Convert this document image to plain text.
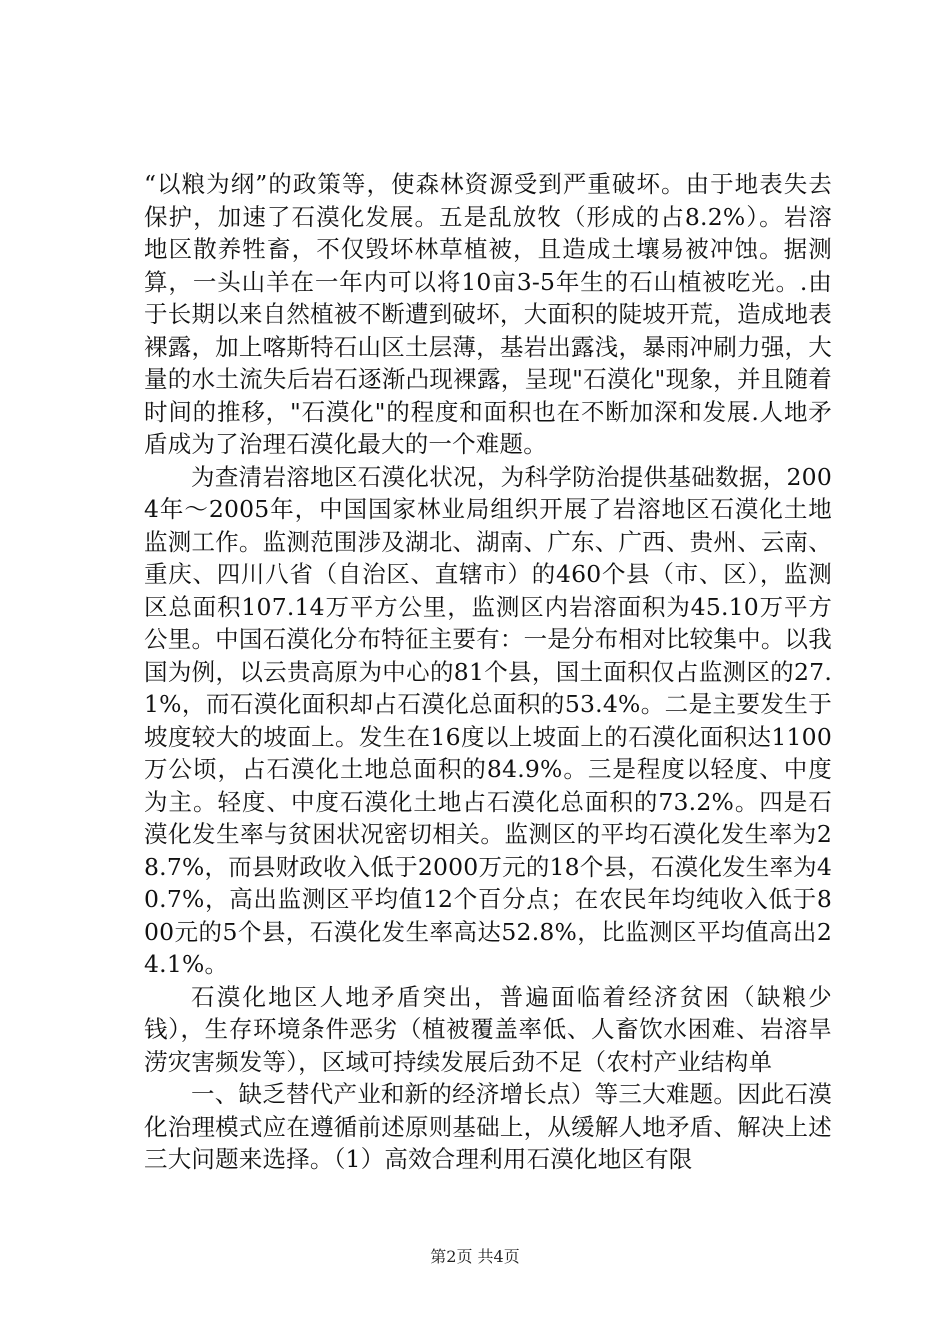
“以粮为纲”的政策等，使森林资源受到严重破坏。由于地表失去保护，加速了石漠化发展。五是乱放牧（形成的占8.2%）。岩溶地区散养牲畜，不仅毁坏林草植被，且造成土壤易被冲蚀。据测算，一头山羊在一年内可以将10亩3-5年生的石山植被吃光。.由于长期以来自然植被不断遭到破坏，大面积的陡坡开荒，造成地表裸露，加上喀斯特石山区土层薄，基岩出露浅，暴雨冲刷力强，大量的水土流失后岩石逐渐凸现裸露，呈现"石漠化"现象，并且随着时间的推移，"石漠化"的程度和面积也在不断加深和发展.人地矛盾成为了治理石漠化最大的一个难题。

为查清岩溶地区石漠化状况，为科学防治提供基础数据，2004年～2005年，中国国家林业局组织开展了岩溶地区石漠化土地监测工作。监测范围涉及湖北、湖南、广东、广西、贵州、云南、重庆、四川八省（自治区、直辖市）的460个县（市、区），监测区总面积107.14万平方公里，监测区内岩溶面积为45.10万平方公里。中国石漠化分布特征主要有：一是分布相对比较集中。以我国为例，以云贵高原为中心的81个县，国土面积仅占监测区的27.1%，而石漠化面积却占石漠化总面积的53.4%。二是主要发生于坡度较大的坡面上。发生在16度以上坡面上的石漠化面积达1100万公顷，占石漠化土地总面积的84.9%。三是程度以轻度、中度为主。轻度、中度石漠化土地占石漠化总面积的73.2%。四是石漠化发生率与贫困状况密切相关。监测区的平均石漠化发生率为28.7%，而县财政收入低于2000万元的18个县，石漠化发生率为40.7%，高出监测区平均值12个百分点；在农民年均纯收入低于800元的5个县，石漠化发生率高达52.8%，比监测区平均值高出24.1%。

石漠化地区人地矛盾突出，普遍面临着经济贫困（缺粮少钱），生存环境条件恶劣（植被覆盖率低、人畜饮水困难、岩溶旱涝灾害频发等），区域可持续发展后劲不足（农村产业结构单

一、缺乏替代产业和新的经济增长点）等三大难题。因此石漠化治理模式应在遵循前述原则基础上，从缓解人地矛盾、解决上述三大问题来选择。（1）高效合理利用石漠化地区有限

第2页 共4页
